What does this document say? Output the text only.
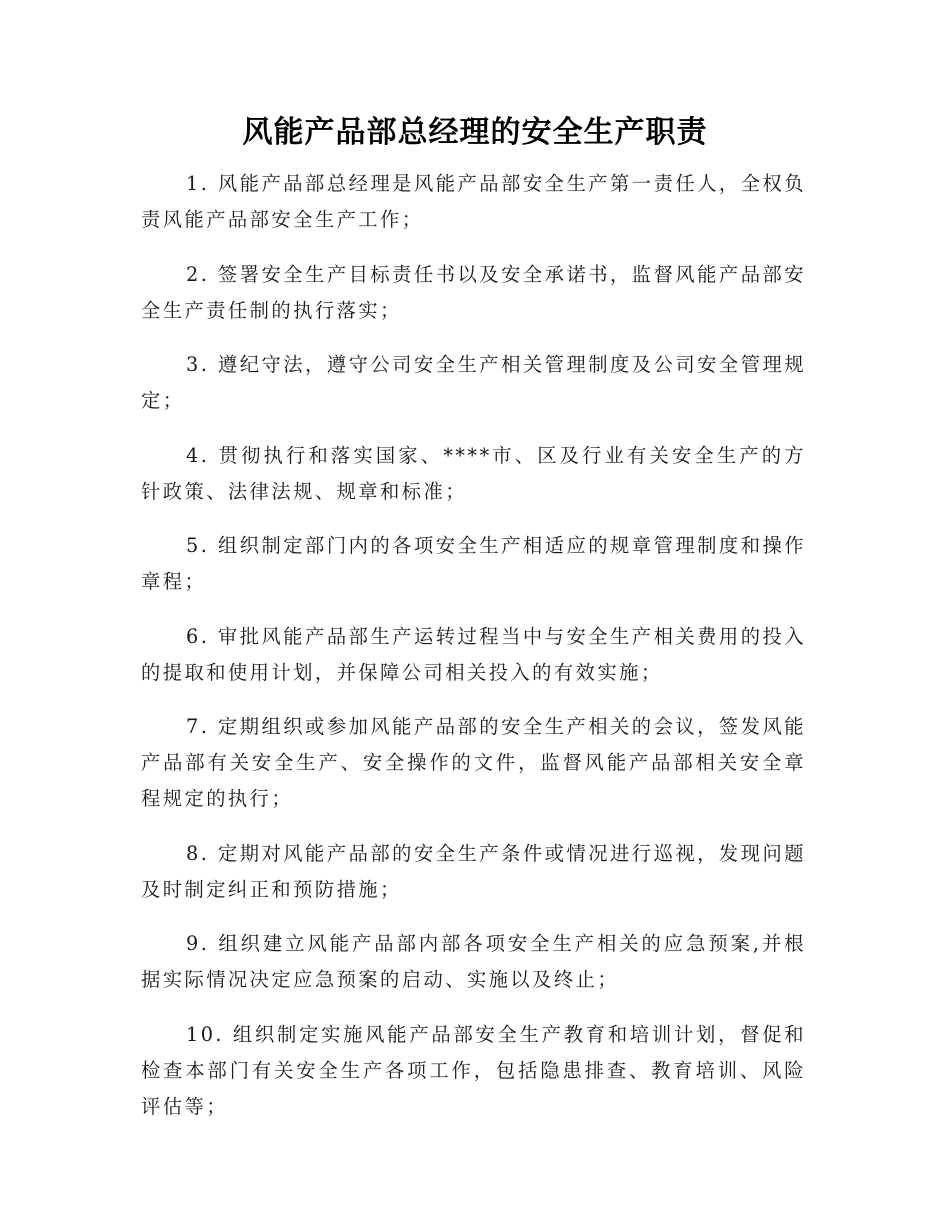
风能产品部总经理的安全生产职责

1. 风能产品部总经理是风能产品部安全生产第一责任人，全权负责风能产品部安全生产工作；

2. 签署安全生产目标责任书以及安全承诺书，监督风能产品部安全生产责任制的执行落实；

3. 遵纪守法，遵守公司安全生产相关管理制度及公司安全管理规定；

4. 贯彻执行和落实国家、****市、区及行业有关安全生产的方针政策、法律法规、规章和标准；

5. 组织制定部门内的各项安全生产相适应的规章管理制度和操作章程；

6. 审批风能产品部生产运转过程当中与安全生产相关费用的投入的提取和使用计划，并保障公司相关投入的有效实施；

7. 定期组织或参加风能产品部的安全生产相关的会议，签发风能产品部有关安全生产、安全操作的文件，监督风能产品部相关安全章程规定的执行；

8. 定期对风能产品部的安全生产条件或情况进行巡视，发现问题及时制定纠正和预防措施；

9. 组织建立风能产品部内部各项安全生产相关的应急预案,并根据实际情况决定应急预案的启动、实施以及终止；

10. 组织制定实施风能产品部安全生产教育和培训计划，督促和检查本部门有关安全生产各项工作，包括隐患排查、教育培训、风险评估等；
